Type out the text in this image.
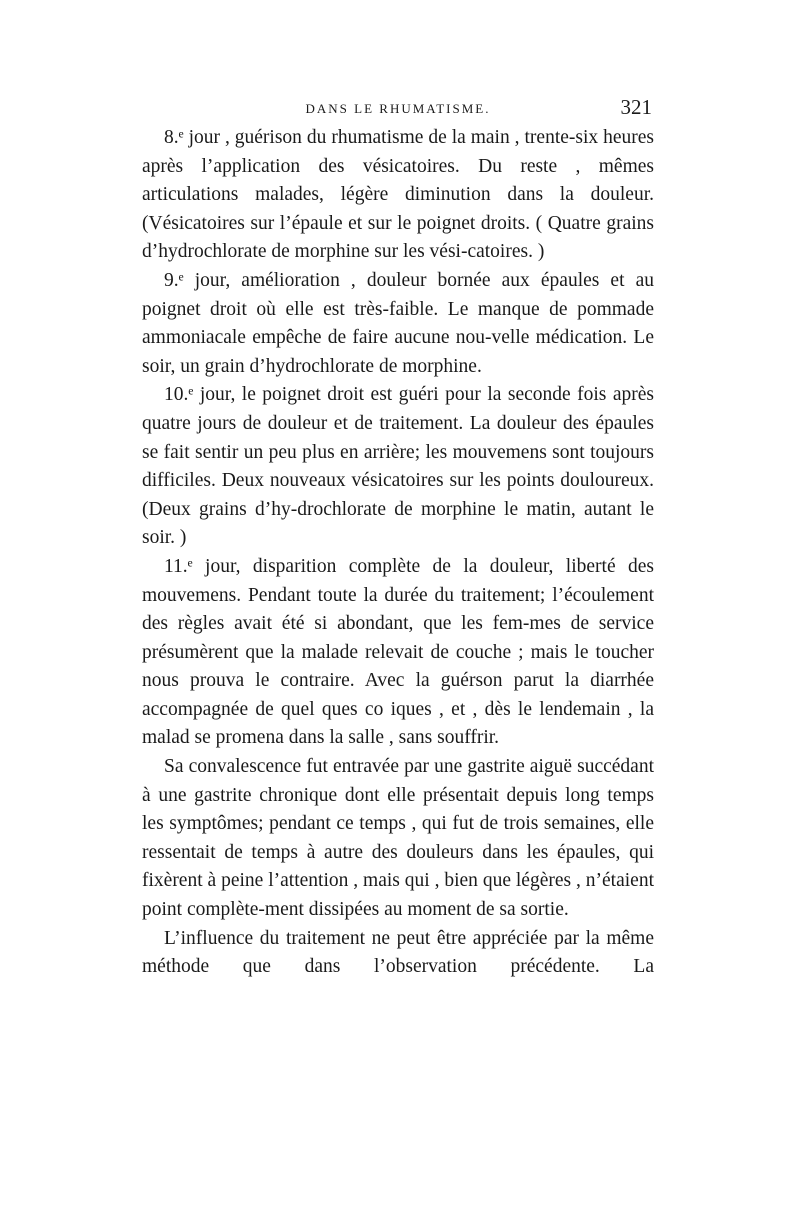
DANS LE RHUMATISME.	321

8.ᵉ jour , guérison du rhumatisme de la main , trente-six heures après l’application des vésicatoires. Du reste , mêmes articulations malades, légère diminution dans la douleur. (Vésicatoires sur l’épaule et sur le poignet droits. ( Quatre grains d’hydrochlorate de morphine sur les vési-catoires. )

9.ᵉ jour, amélioration , douleur bornée aux épaules et au poignet droit où elle est très-faible. Le manque de pommade ammoniacale empêche de faire aucune nou-velle médication. Le soir, un grain d’hydrochlorate de morphine.

10.ᵉ jour, le poignet droit est guéri pour la seconde fois après quatre jours de douleur et de traitement. La douleur des épaules se fait sentir un peu plus en arrière; les mouvemens sont toujours difficiles. Deux nouveaux vésicatoires sur les points douloureux. (Deux grains d’hy-drochlorate de morphine le matin, autant le soir. )

11.ᵉ jour, disparition complète de la douleur, liberté des mouvemens. Pendant toute la durée du traitement; l’écoulement des règles avait été si abondant, que les fem-mes de service présumèrent que la malade relevait de couche ; mais le toucher nous prouva le contraire. Avec la guérson parut la diarrhée accompagnée de quel ques co iques , et , dès le lendemain , la malad se promena dans la salle , sans souffrir.

Sa convalescence fut entravée par une gastrite aiguë succédant à une gastrite chronique dont elle présentait depuis long temps les symptômes; pendant ce temps , qui fut de trois semaines, elle ressentait de temps à autre des douleurs dans les épaules, qui fixèrent à peine l’attention , mais qui , bien que légères , n’étaient point complète-ment dissipées au moment de sa sortie.

L’influence du traitement ne peut être appréciée par la même méthode que dans l’observation précédente. La
